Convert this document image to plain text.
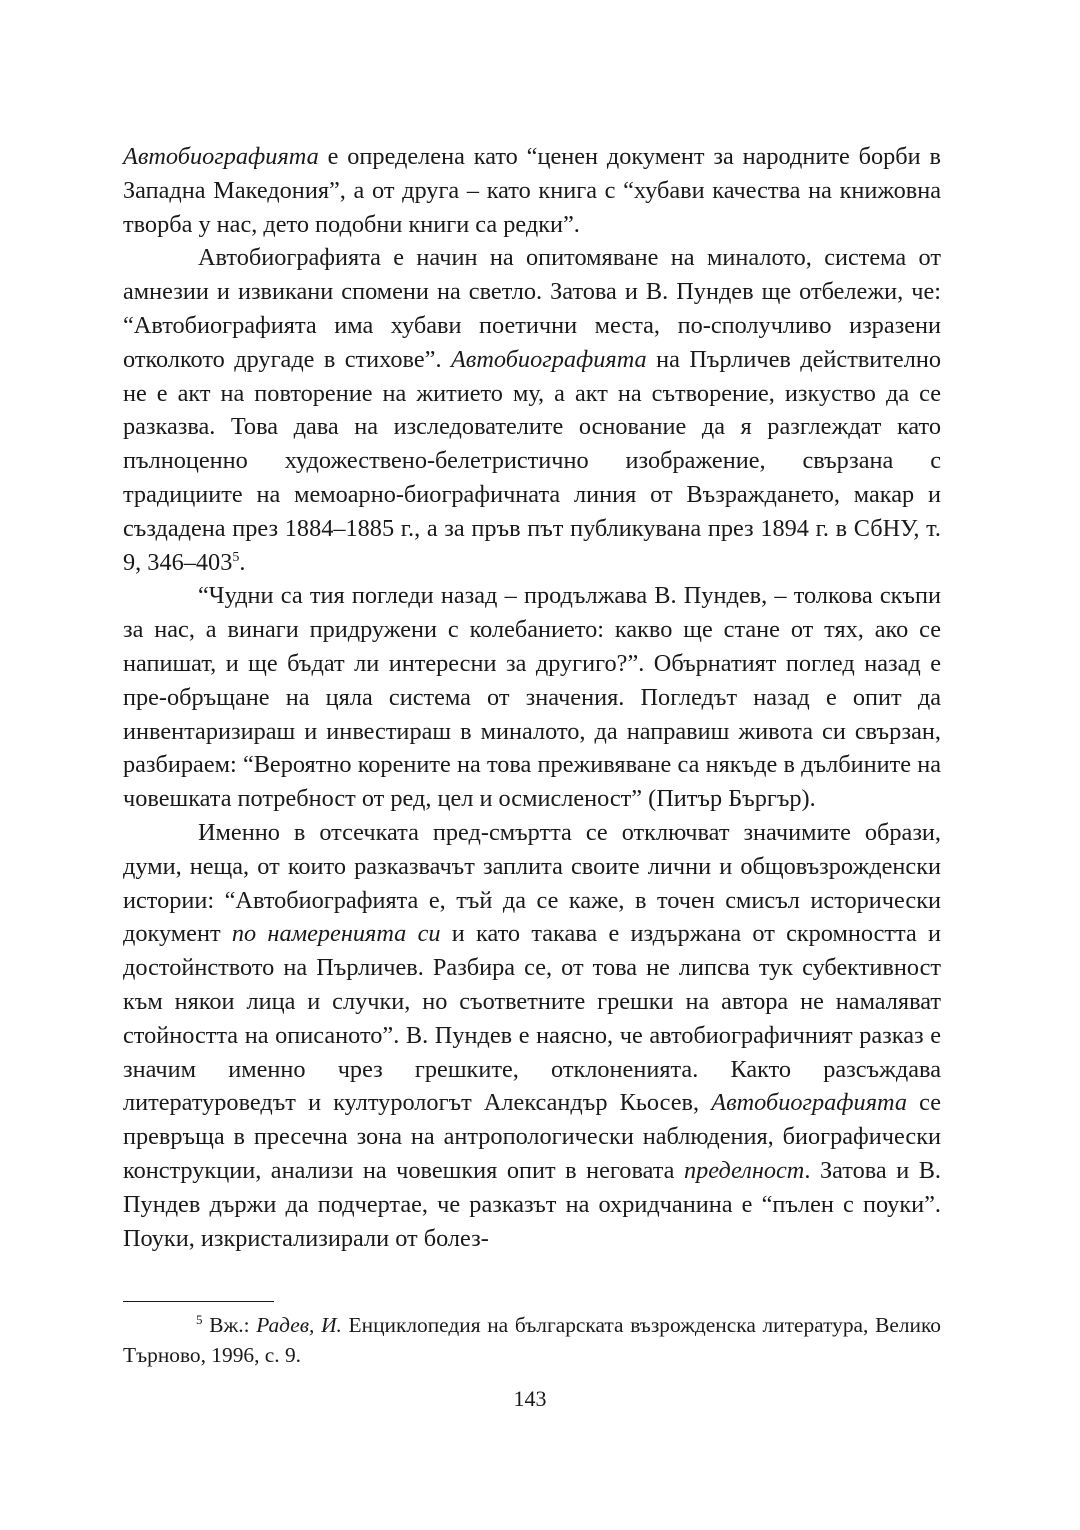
Автобиографията е определена като “ценен документ за народните борби в Западна Македония”, а от друга – като книга с “хубави качества на книжовна творба у нас, дето подобни книги са редки”.

Автобиографията е начин на опитомяване на миналото, система от амнезии и извикани спомени на светло. Затова и В. Пундев ще отбележи, че: “Автобиографията има хубави поетични места, по-сполучливо изразени отколкото другаде в стихове”. Автобиографията на Пърличев действително не е акт на повторение на житието му, а акт на сътворение, изкуство да се разказва. Това дава на изследователите основание да я разглеждат като пълноценно художествено-белетристично изображение, свързана с традициите на мемоарно-биографичната линия от Възраждането, макар и създадена през 1884–1885 г., а за пръв път публикувана през 1894 г. в СбНУ, т. 9, $346-403^5$.

“Чудни са тия погледи назад – продължава В. Пундев, – толкова скъпи за нас, а винаги придружени с колебанието: какво ще стане от тях, ако се напишат, и ще бъдат ли интересни за другиго?”. Обърнатият поглед назад е пре-обръщане на цяла система от значения. Погледът назад е опит да инвентаризираш и инвестираш в миналото, да направиш живота си свързан, разбираем: “Вероятно корените на това преживяване са някъде в дълбините на човешката потребност от ред, цел и осмисленост” (Питър Бъргър).

Именно в отсечката пред-смъртта се отключват значимите образи, думи, неща, от които разказвачът заплита своите лични и общовъзрожденски истории: “Автобиографията е, тъй да се каже, в точен смисъл исторически документ по намеренията си и като такава е издържана от скромността и достойнството на Пърличев. Разбира се, от това не липсва тук субективност към някои лица и случки, но съответните грешки на автора не намаляват стойността на описаното”. В. Пундев е наясно, че автобиографичният разказ е значим именно чрез грешките, отклоненията. Както разсъждава литературоведът и културологът Александър Кьосев, Автобиографията се превръща в пресечна зона на антропологически наблюдения, биографически конструкции, анализи на човешкия опит в неговата пределност. Затова и В. Пундев държи да подчертае, че разказът на охридчанина е “пълен с поуки”. Поуки, изкристализирали от болез-

$^5$ Вж.: Радев, И. Енциклопедия на българската възрожденска литература, Велико Търново, 1996, с. 9.

143
